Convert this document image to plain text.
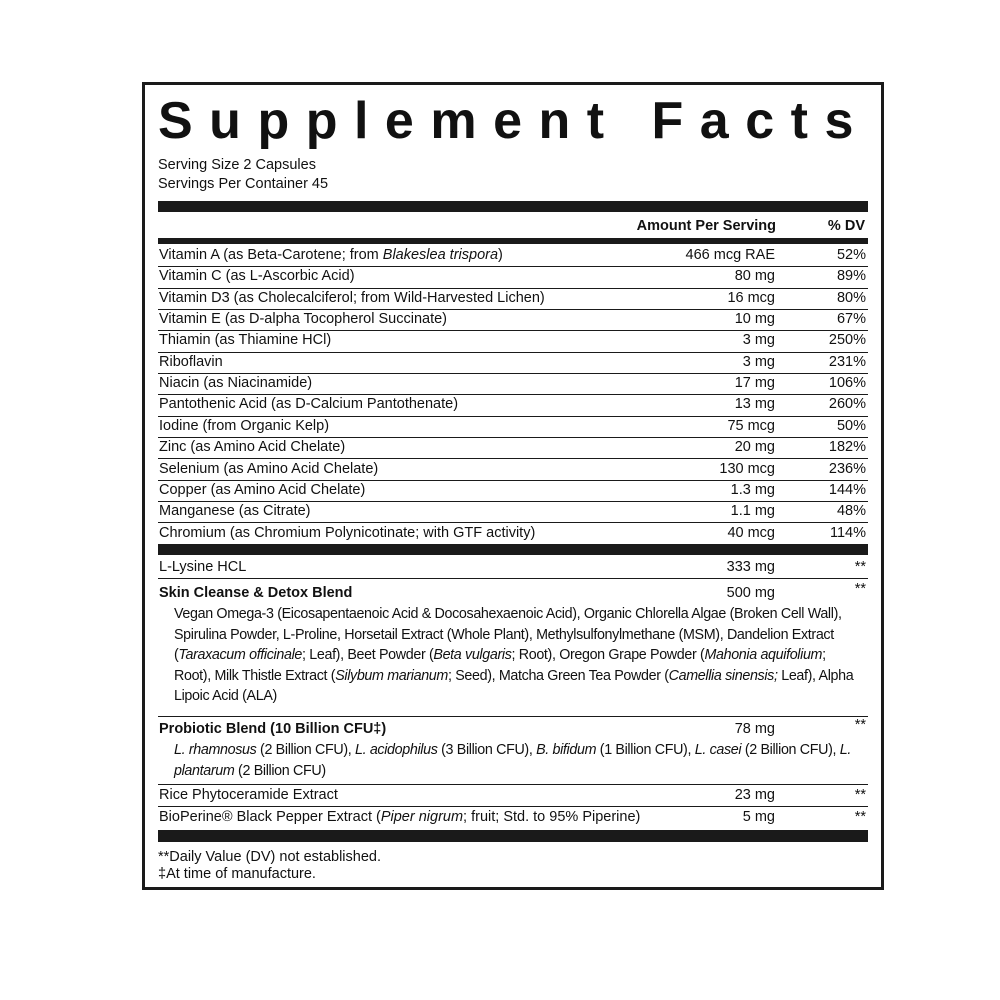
Supplement Facts
Serving Size 2 Capsules
Servings Per Container 45
Amount Per Serving	% DV
Vitamin A (as Beta-Carotene; from Blakeslea trispora)	466 mcg RAE	52%
Vitamin C (as L-Ascorbic Acid)	80 mg	89%
Vitamin D3 (as Cholecalciferol; from Wild-Harvested Lichen)	16 mcg	80%
Vitamin E (as D-alpha Tocopherol Succinate)	10 mg	67%
Thiamin (as Thiamine HCl)	3 mg	250%
Riboflavin	3 mg	231%
Niacin (as Niacinamide)	17 mg	106%
Pantothenic Acid (as D-Calcium Pantothenate)	13 mg	260%
Iodine (from Organic Kelp)	75 mcg	50%
Zinc (as Amino Acid Chelate)	20 mg	182%
Selenium (as Amino Acid Chelate)	130 mcg	236%
Copper (as Amino Acid Chelate)	1.3 mg	144%
Manganese (as Citrate)	1.1 mg	48%
Chromium (as Chromium Polynicotinate; with GTF activity)	40 mcg	114%
L-Lysine HCL	333 mg	**
Skin Cleanse & Detox Blend	500 mg	**
Vegan Omega-3 (Eicosapentaenoic Acid & Docosahexaenoic Acid), Organic Chlorella Algae (Broken Cell Wall), Spirulina Powder, L-Proline, Horsetail Extract (Whole Plant), Methylsulfonylmethane (MSM), Dandelion Extract (Taraxacum officinale; Leaf), Beet Powder (Beta vulgaris; Root), Oregon Grape Powder (Mahonia aquifolium; Root), Milk Thistle Extract (Silybum marianum; Seed), Matcha Green Tea Powder (Camellia sinensis; Leaf), Alpha Lipoic Acid (ALA)
Probiotic Blend (10 Billion CFU‡)	78 mg	**
L. rhamnosus (2 Billion CFU), L. acidophilus (3 Billion CFU), B. bifidum (1 Billion CFU), L. casei (2 Billion CFU), L. plantarum (2 Billion CFU)
Rice Phytoceramide Extract	23 mg	**
BioPerine® Black Pepper Extract (Piper nigrum; fruit; Std. to 95% Piperine)	5 mg	**
**Daily Value (DV) not established.
‡At time of manufacture.
